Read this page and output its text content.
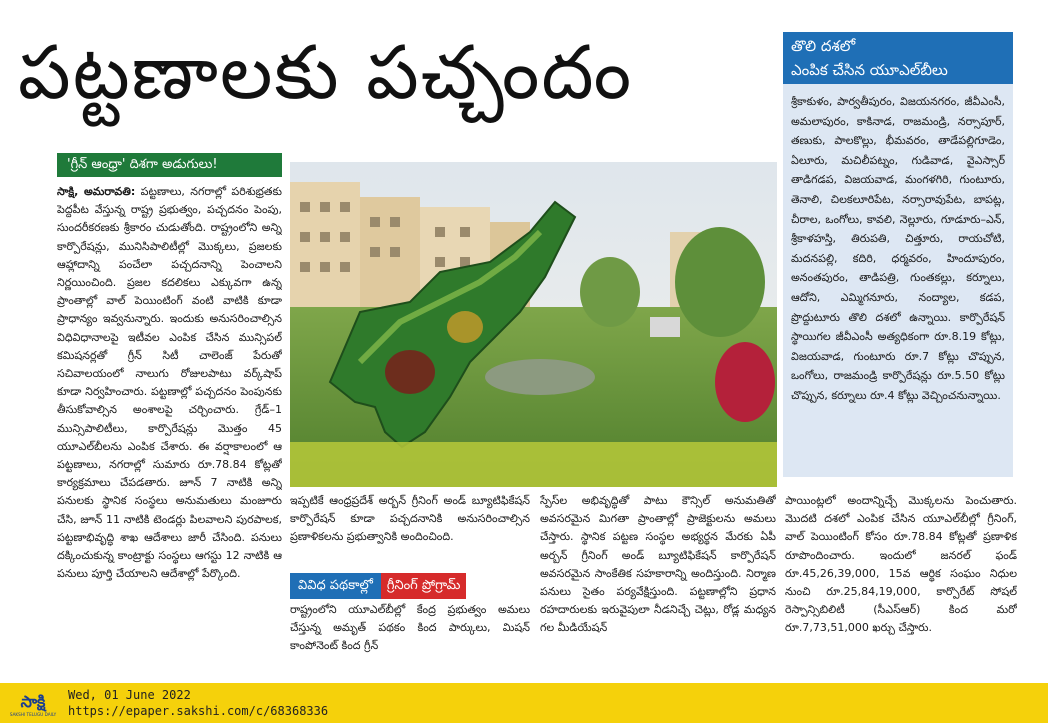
పట్టణాలకు పచ్చందం	తొలి దశలో
ఎంపిక చేసిన యూఎల్‌బీలు
శ్రీకాకుళం, పార్వతీపురం, విజయనగరం, జీవీఎంసీ, అమలాపురం, కాకినాడ, రాజమండ్రి, నర్సాపూర్, తణుకు, పాలకొల్లు, భీమవరం, తాడేపల్లిగూడెం, ఏలూరు, మచిలీపట్నం, గుడివాడ, వైఎస్సార్ తాడిగడప, విజయవాడ, మంగళగిరి, గుంటూరు, తెనాలి, చిలకలూరిపేట, నర్సారావుపేట, బాపట్ల, చీరాల, ఒంగోలు, కావలి, నెల్లూరు, గూడూరు–ఎన్, శ్రీకాళహస్తి, తిరుపతి, చిత్తూరు, రాయచోటి, మదనపల్లి, కదిరి, ధర్మవరం, హిందూపురం, అనంతపురం, తాడిపత్రి, గుంతకల్లు, కర్నూలు, ఆదోని, ఎమ్మిగనూరు, నంద్యాల, కడప, ప్రొద్దుటూరు తొలి దశలో ఉన్నాయి. కార్పొరేషన్ స్థాయిగల జీవీఎంసీ అత్యధికంగా రూ.8.19 కోట్లు, విజయవాడ, గుంటూరు రూ.7 కోట్లు చొప్పున, ఒంగోలు, రాజమండ్రి కార్పొరేషన్లు రూ.5.50 కోట్లు చొప్పున, కర్నూలు రూ.4 కోట్లు వెచ్చించనున్నాయి.
'గ్రీన్ ఆంధ్రా' దిశగా అడుగులు!
సాక్షి, అమరావతి: పట్టణాలు, నగరాల్లో పరిశుభ్రతకు పెద్దపీట వేస్తున్న రాష్ట్ర ప్రభుత్వం, పచ్చదనం పెంపు, సుందరీకరణకు శ్రీకారం చుడుతోంది. రాష్ట్రంలోని అన్ని కార్పొరేషన్లు, మునిసిపాలిటీల్లో మొక్కలు, ప్రజలకు ఆహ్లాదాన్ని పంచేలా పచ్చదనాన్ని పెంచాలని నిర్ణయించింది. ప్రజల కదలికలు ఎక్కువగా ఉన్న ప్రాంతాల్లో వాల్ పెయింటింగ్ వంటి వాటికి కూడా ప్రాధాన్యం ఇవ్వనున్నారు. ఇందుకు అనుసరించాల్సిన విధివిధానాలపై ఇటీవల ఎంపిక చేసిన మున్సిపల్ కమిషనర్లతో గ్రీన్ సిటీ చాలెంజ్ పేరుతో సచివాలయంలో నాలుగు రోజులపాటు వర్క్‌షాప్ కూడా నిర్వహించారు. పట్టణాల్లో పచ్చదనం పెంపునకు తీసుకోవాల్సిన అంశాలపై చర్చించారు. గ్రేడ్–1 మున్సిపాలిటీలు, కార్పొరేషన్లు మొత్తం 45 యూఎల్‌బీలను ఎంపిక చేశారు. ఈ వర్షాకాలంలో ఆ పట్టణాలు, నగరాల్లో సుమారు రూ.78.84 కోట్లతో కార్యక్రమాలు చేపడతారు. జూన్ 7 నాటికి అన్ని పనులకు స్థానిక సంస్థలు అనుమతులు మంజూరు చేసి, జూన్ 11 నాటికి టెండర్లు పిలవాలని పురపాలక, పట్టణాభివృద్ధి శాఖ ఆదేశాలు జారీ చేసింది. పనులు దక్కించుకున్న కాంట్రాక్టు సంస్థలు ఆగస్టు 12 నాటికి ఆ పనులు పూర్తి చేయాలని ఆదేశాల్లో పేర్కొంది.
ఇప్పటికే ఆంధ్రప్రదేశ్ అర్బన్ గ్రీనింగ్ అండ్ బ్యూటిఫికేషన్ కార్పొరేషన్ కూడా పచ్చదనానికి అనుసరించాల్సిన ప్రణాళికలను ప్రభుత్వానికి అందించింది.
వివిధ పథకాల్లో గ్రీనింగ్ ప్రోగ్రామ్
రాష్ట్రంలోని యూఎల్‌బీల్లో కేంద్ర ప్రభుత్వం అమలు చేస్తున్న అమృత్ పథకం కింద పార్కులు, మిషన్ కాంపోనెంట్ కింద గ్రీన్
స్పేస్‌ల అభివృద్ధితో పాటు కౌన్సిల్ అనుమతితో అవసరమైన మిగతా ప్రాంతాల్లో ప్రాజెక్టులను అమలు చేస్తారు. స్థానిక పట్టణ సంస్థల అభ్యర్థన మేరకు ఏపీ అర్బన్ గ్రీనింగ్ అండ్ బ్యూటిఫికేషన్ కార్పొరేషన్ అవసరమైన సాంకేతిక సహకారాన్ని అందిస్తుంది. నిర్మాణ పనులు సైతం పర్యవేక్షిస్తుంది. పట్టణాల్లోని ప్రధాన రహదారులకు ఇరువైపులా నీడనిచ్చే చెట్లు, రోడ్ల మధ్యన గల మీడియేషన్
పాయింట్లలో అందాన్నిచ్చే మొక్కలను పెంచుతారు. మొదటి దశలో ఎంపిక చేసిన యూఎల్‌బీల్లో గ్రీనింగ్, వాల్ పెయింటింగ్ కోసం రూ.78.84 కోట్లతో ప్రణాళిక రూపొందించారు. ఇందులో జనరల్ ఫండ్ రూ.45,26,39,000, 15వ ఆర్థిక సంఘం నిధుల నుంచి రూ.25,84,19,000, కార్పొరేట్ సోషల్ రెస్పాన్సిబిలిటీ (సీఎస్ఆర్) కింద మరో రూ.7,73,51,000 ఖర్చు చేస్తారు.
సాక్షి
SAKSHI TELUGU DAILY
Wed, 01 June 2022
https://epaper.sakshi.com/c/68368336
